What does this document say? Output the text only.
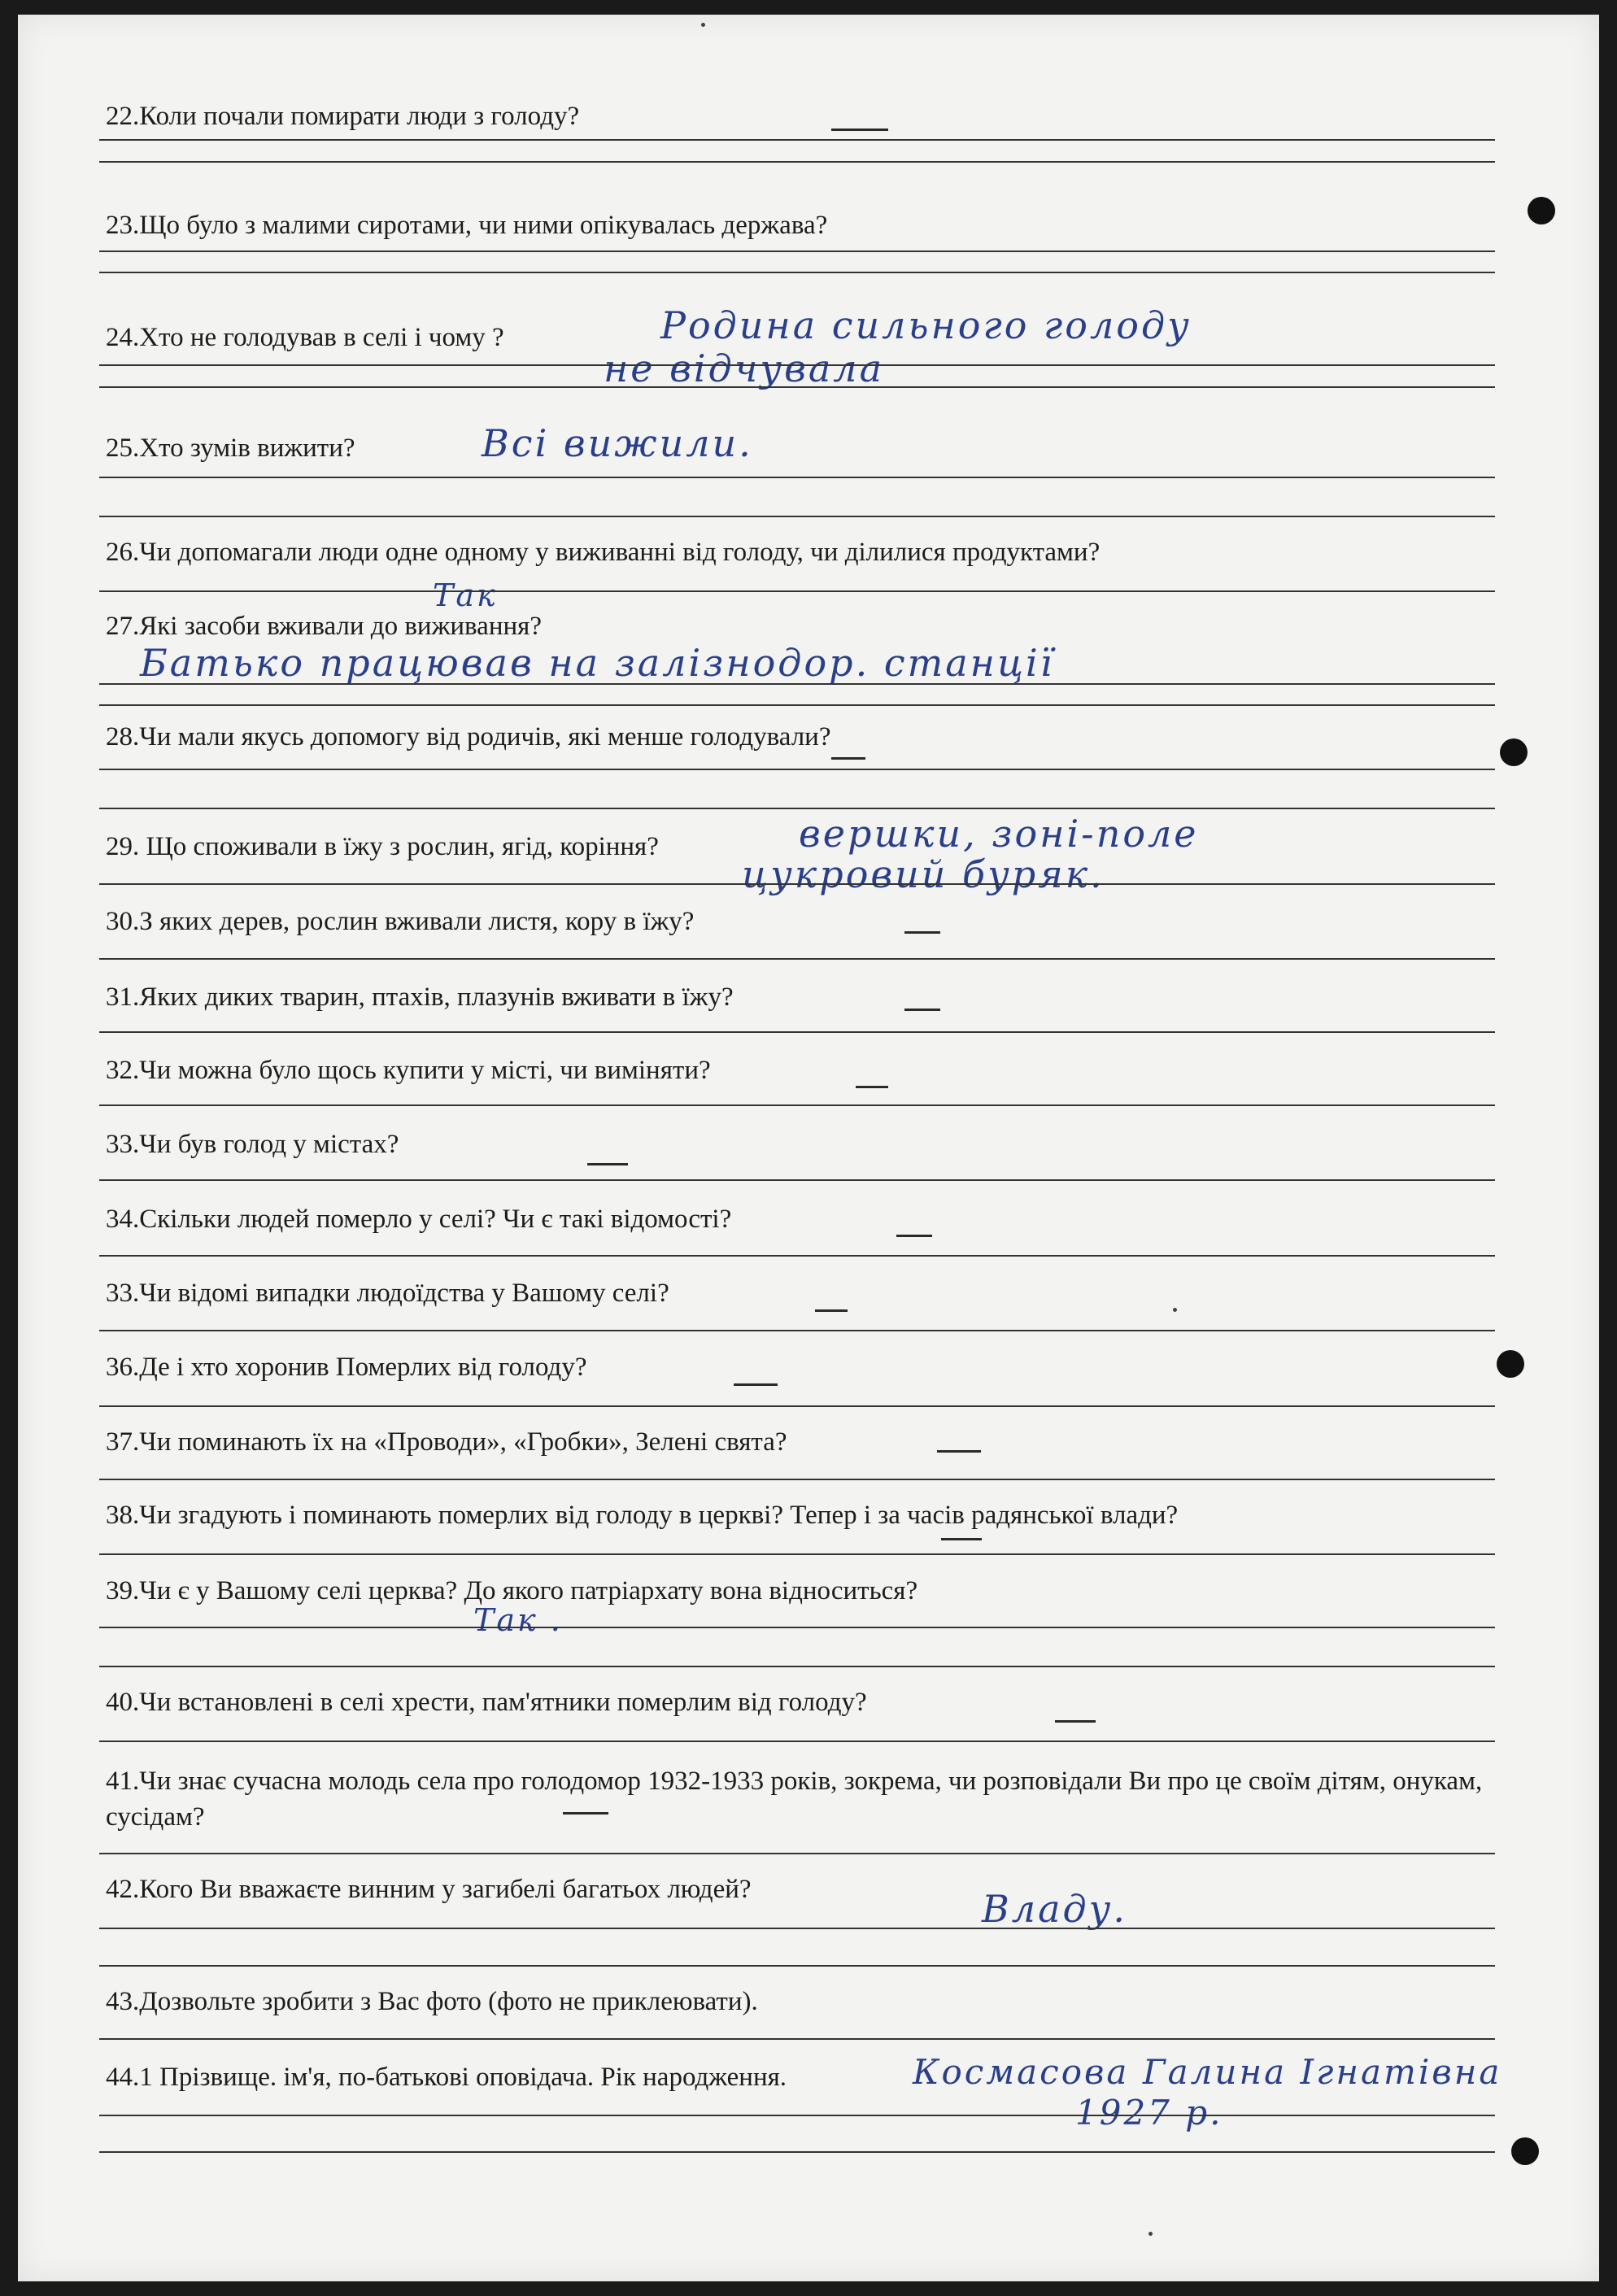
22.Коли почали помирати люди з голоду?
23.Що було з малими сиротами, чи ними опікувалась держава?
24.Хто не голодував в селі і чому ?	Родина сильного голоду
не відчувала
25.Хто зумів вижити?	Всі вижили.
26.Чи допомагали люди одне одному у виживанні від голоду, чи ділилися продуктами?
Так
27.Які засоби вживали до виживання?
Батько працював на залізнодор. станції
28.Чи мали якусь допомогу від родичів, які менше голодували?
29. Що споживали в їжу з рослин, ягід, коріння?	вершки, зоні-поле
цукровий буряк.
30.З яких дерев, рослин вживали листя, кору в їжу?
31.Яких диких тварин, птахів, плазунів вживати в їжу?
32.Чи можна було щось купити у місті, чи виміняти?
33.Чи був голод у містах?
34.Скільки людей померло у селі? Чи є такі відомості?
33.Чи відомі випадки людоїдства у Вашому селі?
36.Де і хто хоронив Померлих від голоду?
37.Чи поминають їх на «Проводи», «Гробки», Зелені свята?
38.Чи згадують і поминають померлих від голоду в церкві? Тепер і за часів радянської влади?
39.Чи є у Вашому селі церква? До якого патріархату вона відноситься?
Так .
40.Чи встановлені в селі хрести, пам'ятники померлим від голоду?
41.Чи знає сучасна молодь села про голодомор 1932-1933 років, зокрема, чи розповідали Ви про це своїм дітям, онукам, сусідам?
42.Кого Ви вважаєте винним у загибелі багатьох людей?	Владу.
43.Дозвольте зробити з Вас фото (фото не приклеювати).
44.1 Прізвище. ім'я, по-батькові оповідача. Рік народження.	Космасова Галина Ігнатівна
1927 р.
